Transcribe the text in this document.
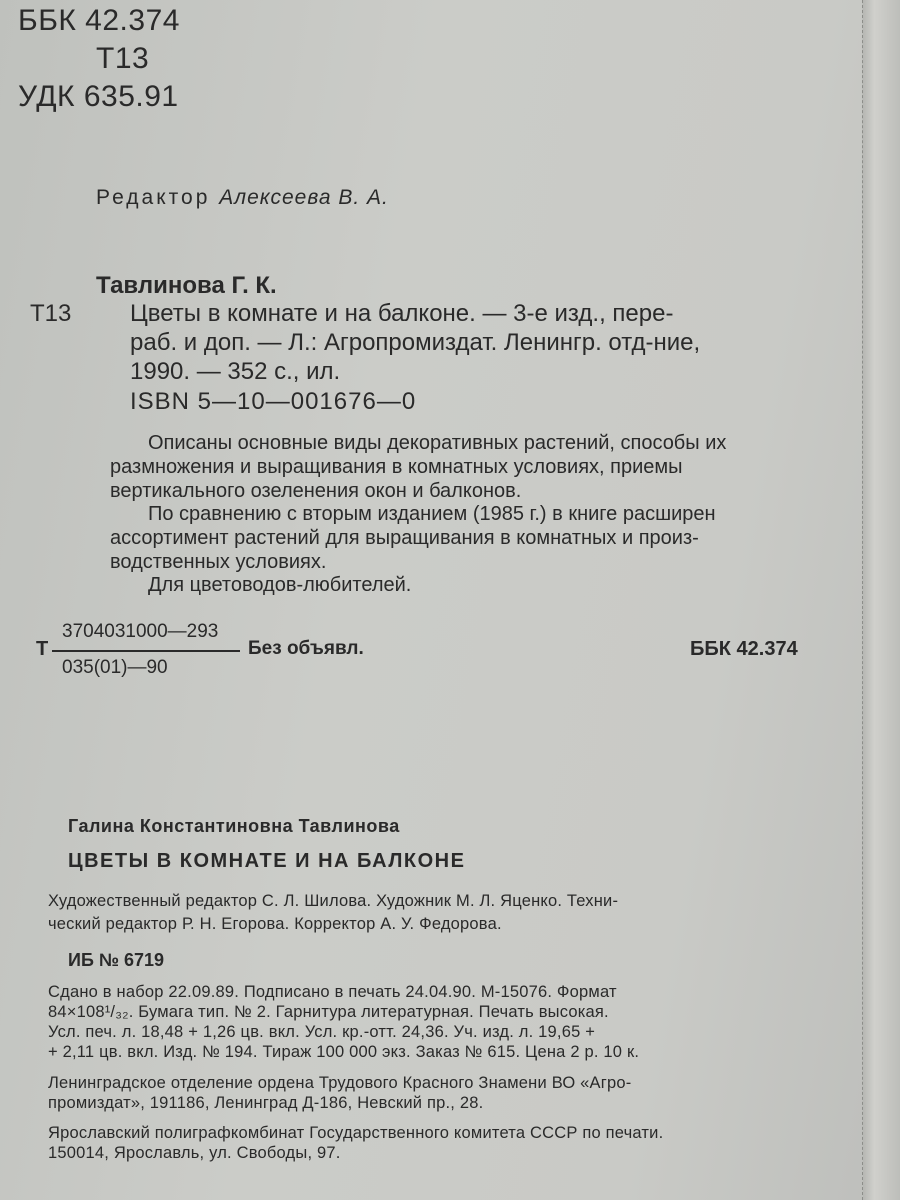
ББК 42.374
Т13
УДК 635.91
Редактор Алексеева В. А.
Тавлинова Г. К.
Т13 Цветы в комнате и на балконе. — 3-е изд., пере-
раб. и доп. — Л.: Агропромиздат. Ленингр. отд-ние,
1990. — 352 с., ил.
ISBN 5—10—001676—0
Описаны основные виды декоративных растений, способы их
размножения и выращивания в комнатных условиях, приемы
вертикального озеленения окон и балконов.
По сравнению с вторым изданием (1985 г.) в книге расширен
ассортимент растений для выращивания в комнатных и произ-
водственных условиях.
Для цветоводов-любителей.
Т
3704031000—293
035(01)—90
Без объявл.	ББК 42.374
Галина Константиновна Тавлинова
ЦВЕТЫ В КОМНАТЕ И НА БАЛКОНЕ
Художественный редактор С. Л. Шилова. Художник М. Л. Яценко. Техни-
ческий редактор Р. Н. Егорова. Корректор А. У. Федорова.
ИБ № 6719
Сдано в набор 22.09.89. Подписано в печать 24.04.90. М-15076. Формат
84×108¹/₃₂. Бумага тип. № 2. Гарнитура литературная. Печать высокая.
Усл. печ. л. 18,48 + 1,26 цв. вкл. Усл. кр.-отт. 24,36. Уч. изд. л. 19,65 +
+ 2,11 цв. вкл. Изд. № 194. Тираж 100 000 экз. Заказ № 615. Цена 2 р. 10 к.
Ленинградское отделение ордена Трудового Красного Знамени ВО «Агро-
промиздат», 191186, Ленинград Д-186, Невский пр., 28.
Ярославский полиграфкомбинат Государственного комитета СССР по печати.
150014, Ярославль, ул. Свободы, 97.
